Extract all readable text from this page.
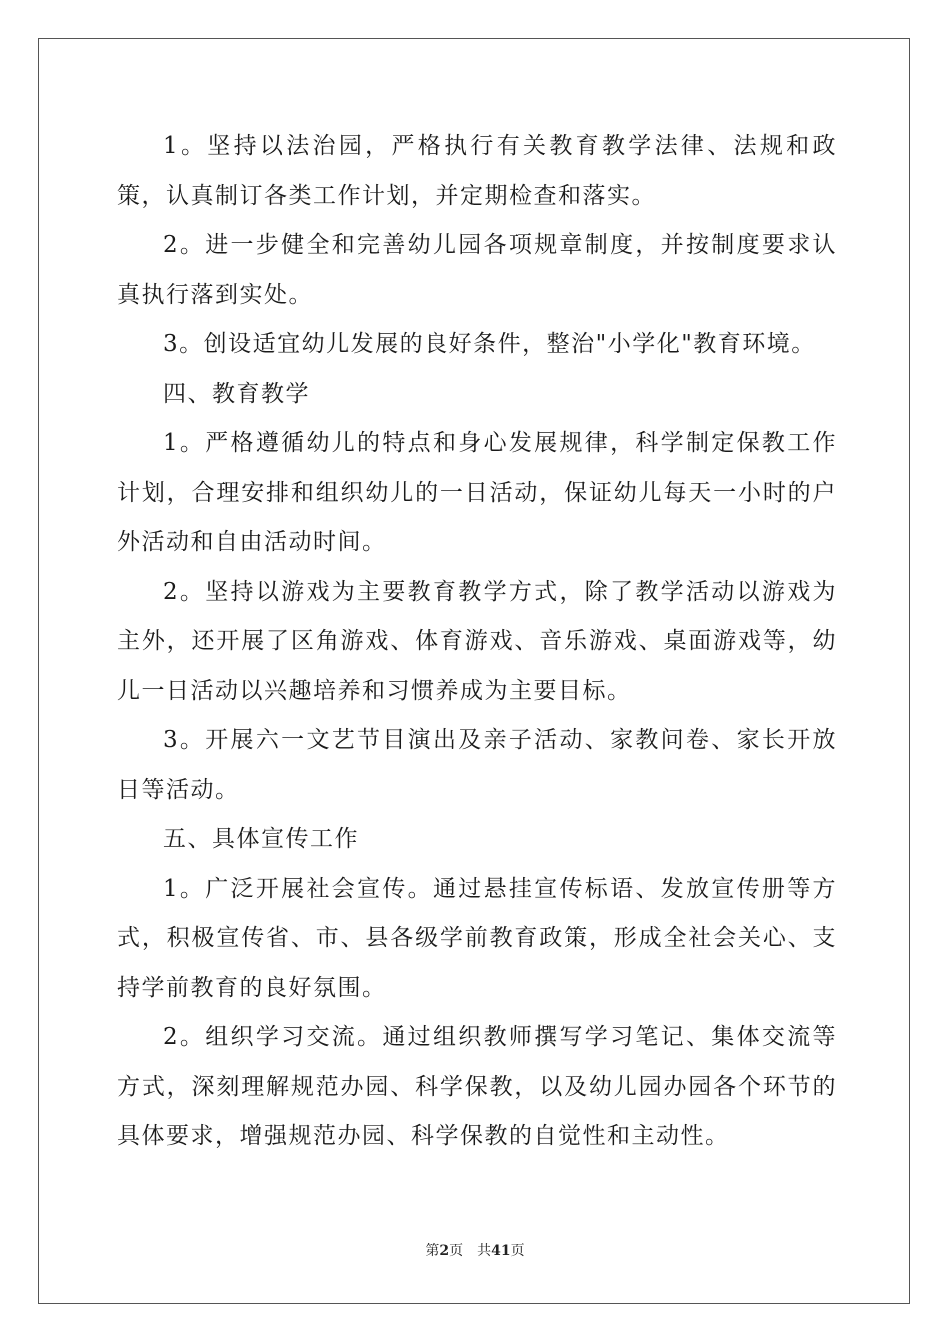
1。坚持以法治园，严格执行有关教育教学法律、法规和政策，认真制订各类工作计划，并定期检查和落实。

2。进一步健全和完善幼儿园各项规章制度，并按制度要求认真执行落到实处。

3。创设适宜幼儿发展的良好条件，整治"小学化"教育环境。

四、教育教学

1。严格遵循幼儿的特点和身心发展规律，科学制定保教工作计划，合理安排和组织幼儿的一日活动，保证幼儿每天一小时的户外活动和自由活动时间。

2。坚持以游戏为主要教育教学方式，除了教学活动以游戏为主外，还开展了区角游戏、体育游戏、音乐游戏、桌面游戏等，幼儿一日活动以兴趣培养和习惯养成为主要目标。

3。开展六一文艺节目演出及亲子活动、家教问卷、家长开放日等活动。

五、具体宣传工作

1。广泛开展社会宣传。通过悬挂宣传标语、发放宣传册等方式，积极宣传省、市、县各级学前教育政策，形成全社会关心、支持学前教育的良好氛围。

2。组织学习交流。通过组织教师撰写学习笔记、集体交流等方式，深刻理解规范办园、科学保教，以及幼儿园办园各个环节的具体要求，增强规范办园、科学保教的自觉性和主动性。

第2页 共41页
